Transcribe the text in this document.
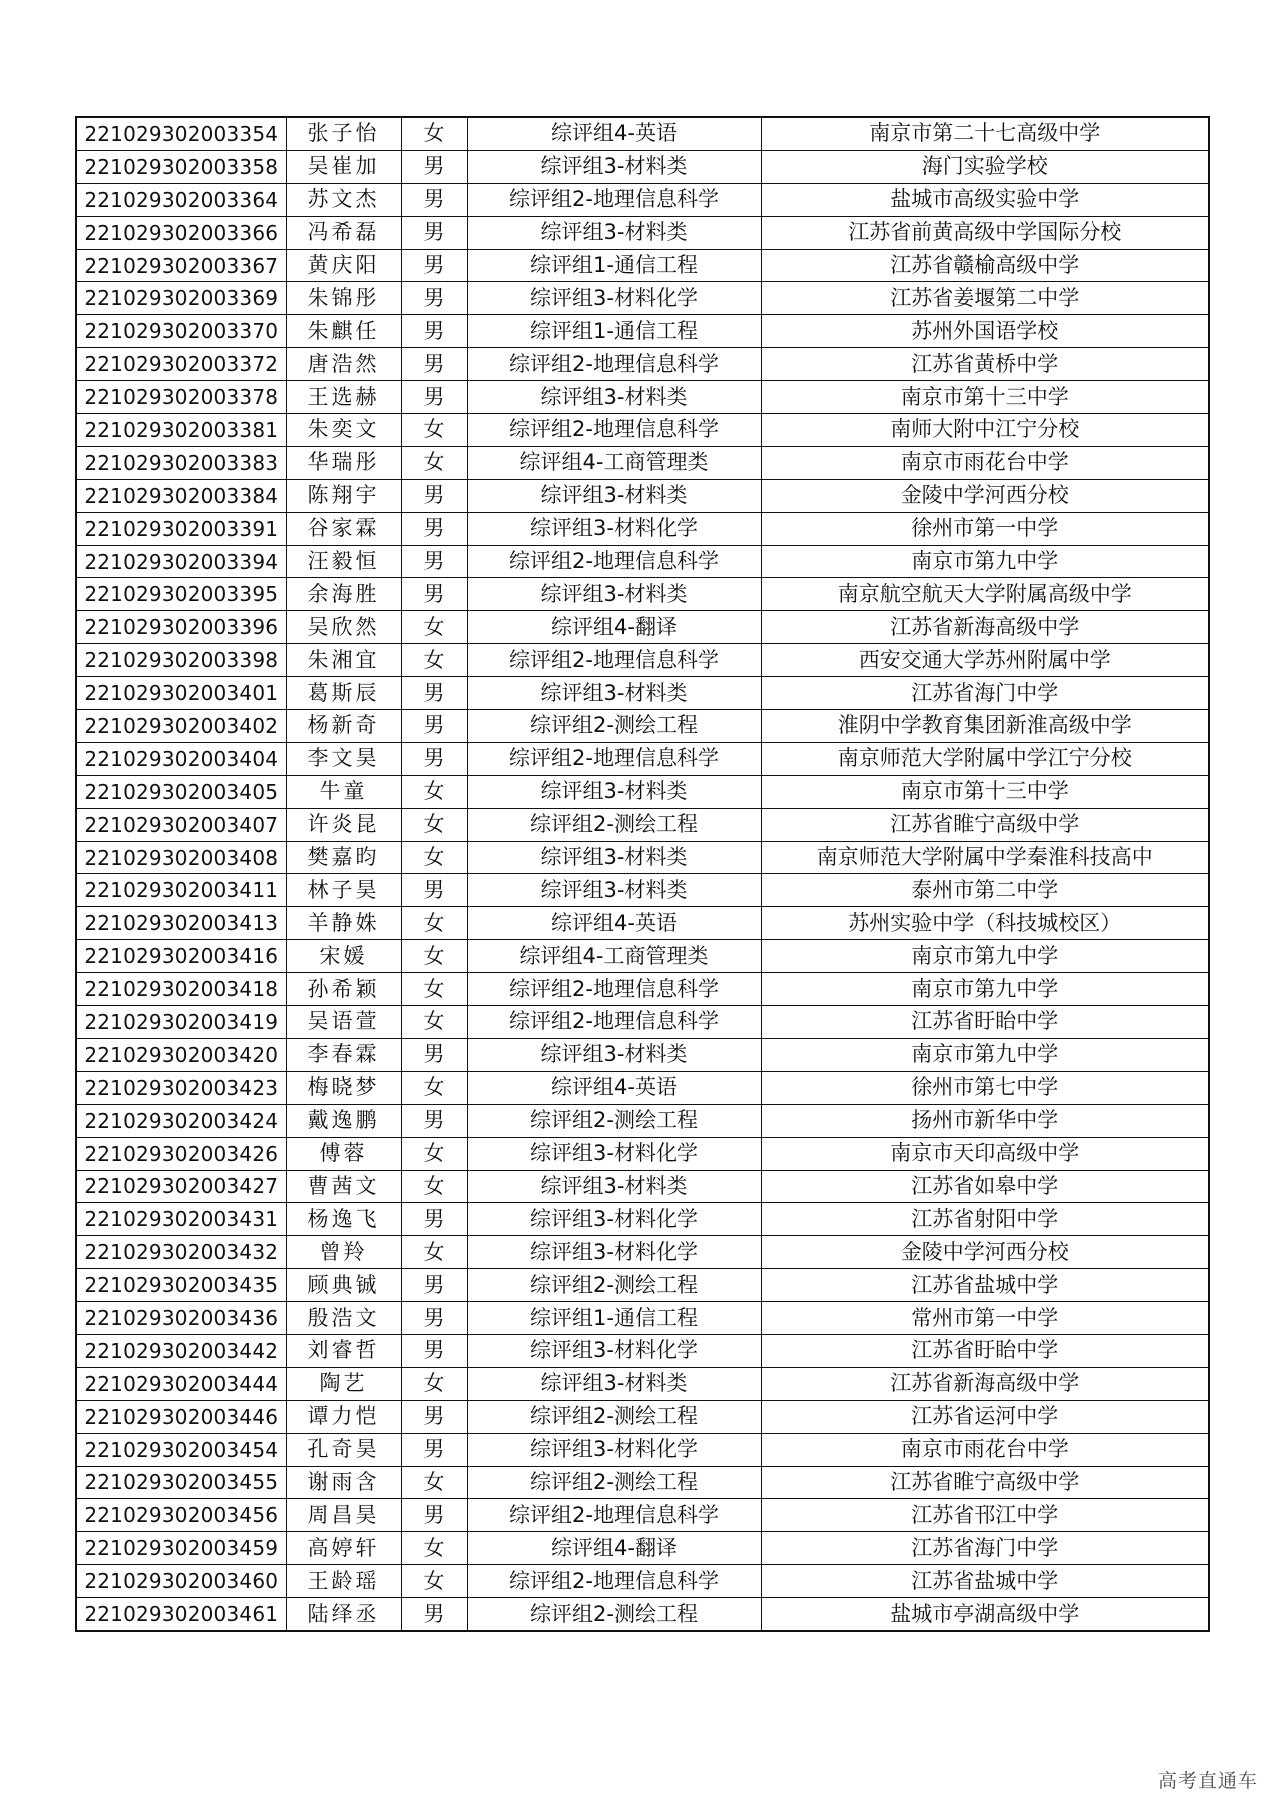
221029302003354	张子怡	女	综评组4-英语	南京市第二十七高级中学
221029302003358	吴崔加	男	综评组3-材料类	海门实验学校
221029302003364	苏文杰	男	综评组2-地理信息科学	盐城市高级实验中学
221029302003366	冯希磊	男	综评组3-材料类	江苏省前黄高级中学国际分校
221029302003367	黄庆阳	男	综评组1-通信工程	江苏省赣榆高级中学
221029302003369	朱锦彤	男	综评组3-材料化学	江苏省姜堰第二中学
221029302003370	朱麒任	男	综评组1-通信工程	苏州外国语学校
221029302003372	唐浩然	男	综评组2-地理信息科学	江苏省黄桥中学
221029302003378	王选赫	男	综评组3-材料类	南京市第十三中学
221029302003381	朱奕文	女	综评组2-地理信息科学	南师大附中江宁分校
221029302003383	华瑞彤	女	综评组4-工商管理类	南京市雨花台中学
221029302003384	陈翔宇	男	综评组3-材料类	金陵中学河西分校
221029302003391	谷家霖	男	综评组3-材料化学	徐州市第一中学
221029302003394	汪毅恒	男	综评组2-地理信息科学	南京市第九中学
221029302003395	余海胜	男	综评组3-材料类	南京航空航天大学附属高级中学
221029302003396	吴欣然	女	综评组4-翻译	江苏省新海高级中学
221029302003398	朱湘宜	女	综评组2-地理信息科学	西安交通大学苏州附属中学
221029302003401	葛斯辰	男	综评组3-材料类	江苏省海门中学
221029302003402	杨新奇	男	综评组2-测绘工程	淮阴中学教育集团新淮高级中学
221029302003404	李文昊	男	综评组2-地理信息科学	南京师范大学附属中学江宁分校
221029302003405	牛童	女	综评组3-材料类	南京市第十三中学
221029302003407	许炎昆	女	综评组2-测绘工程	江苏省睢宁高级中学
221029302003408	樊嘉昀	女	综评组3-材料类	南京师范大学附属中学秦淮科技高中
221029302003411	林子昊	男	综评组3-材料类	泰州市第二中学
221029302003413	羊静姝	女	综评组4-英语	苏州实验中学（科技城校区）
221029302003416	宋媛	女	综评组4-工商管理类	南京市第九中学
221029302003418	孙希颖	女	综评组2-地理信息科学	南京市第九中学
221029302003419	吴语萱	女	综评组2-地理信息科学	江苏省盱眙中学
221029302003420	李春霖	男	综评组3-材料类	南京市第九中学
221029302003423	梅晓梦	女	综评组4-英语	徐州市第七中学
221029302003424	戴逸鹏	男	综评组2-测绘工程	扬州市新华中学
221029302003426	傅蓉	女	综评组3-材料化学	南京市天印高级中学
221029302003427	曹茜文	女	综评组3-材料类	江苏省如皋中学
221029302003431	杨逸飞	男	综评组3-材料化学	江苏省射阳中学
221029302003432	曾羚	女	综评组3-材料化学	金陵中学河西分校
221029302003435	顾典铖	男	综评组2-测绘工程	江苏省盐城中学
221029302003436	殷浩文	男	综评组1-通信工程	常州市第一中学
221029302003442	刘睿哲	男	综评组3-材料化学	江苏省盱眙中学
221029302003444	陶艺	女	综评组3-材料类	江苏省新海高级中学
221029302003446	谭力恺	男	综评组2-测绘工程	江苏省运河中学
221029302003454	孔奇昊	男	综评组3-材料化学	南京市雨花台中学
221029302003455	谢雨含	女	综评组2-测绘工程	江苏省睢宁高级中学
221029302003456	周昌昊	男	综评组2-地理信息科学	江苏省邗江中学
221029302003459	高婷轩	女	综评组4-翻译	江苏省海门中学
221029302003460	王龄瑶	女	综评组2-地理信息科学	江苏省盐城中学
221029302003461	陆绎丞	男	综评组2-测绘工程	盐城市亭湖高级中学
高考直通车
